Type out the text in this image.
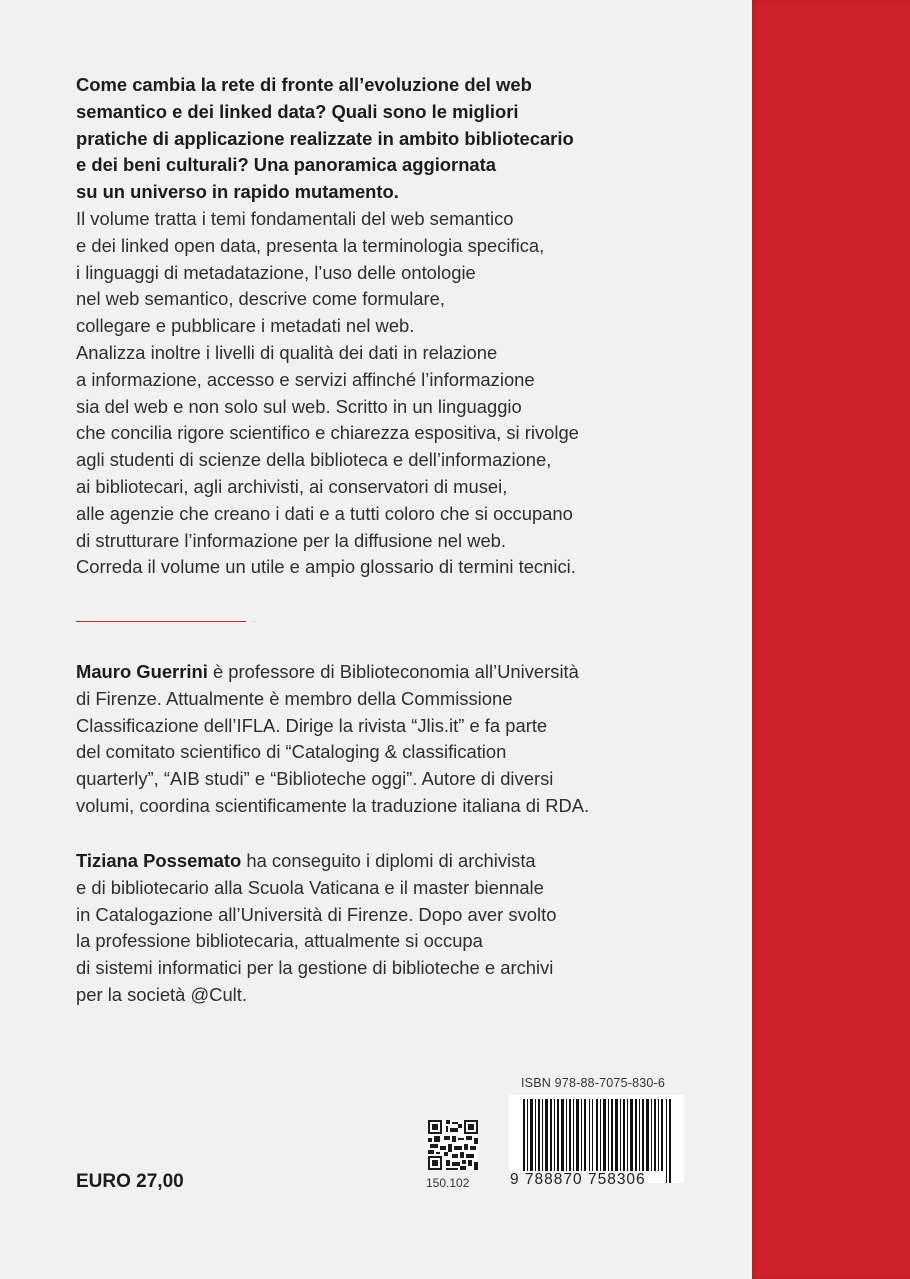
Come cambia la rete di fronte all’evoluzione del web
semantico e dei linked data? Quali sono le migliori
pratiche di applicazione realizzate in ambito bibliotecario
e dei beni culturali? Una panoramica aggiornata
su un universo in rapido mutamento.

Il volume tratta i temi fondamentali del web semantico
e dei linked open data, presenta la terminologia specifica,
i linguaggi di metadatazione, l’uso delle ontologie
nel web semantico, descrive come formulare,
collegare e pubblicare i metadati nel web.
Analizza inoltre i livelli di qualità dei dati in relazione
a informazione, accesso e servizi affinché l’informazione
sia del web e non solo sul web. Scritto in un linguaggio
che concilia rigore scientifico e chiarezza espositiva, si rivolge
agli studenti di scienze della biblioteca e dell’informazione,
ai bibliotecari, agli archivisti, ai conservatori di musei,
alle agenzie che creano i dati e a tutti coloro che si occupano
di strutturare l’informazione per la diffusione nel web.
Correda il volume un utile e ampio glossario di termini tecnici.

Mauro Guerrini è professore di Biblioteconomia all’Università
di Firenze. Attualmente è membro della Commissione
Classificazione dell’IFLA. Dirige la rivista “Jlis.it” e fa parte
del comitato scientifico di “Cataloging & classification
quarterly”, “AIB studi” e “Biblioteche oggi”. Autore di diversi
volumi, coordina scientificamente la traduzione italiana di RDA.

Tiziana Possemato ha conseguito i diplomi di archivista
e di bibliotecario alla Scuola Vaticana e il master biennale
in Catalogazione all’Università di Firenze. Dopo aver svolto
la professione bibliotecaria, attualmente si occupa
di sistemi informatici per la gestione di biblioteche e archivi
per la società @Cult.

EURO 27,00	150.102
ISBN 978-88-7075-830-6
9 788870 758306
